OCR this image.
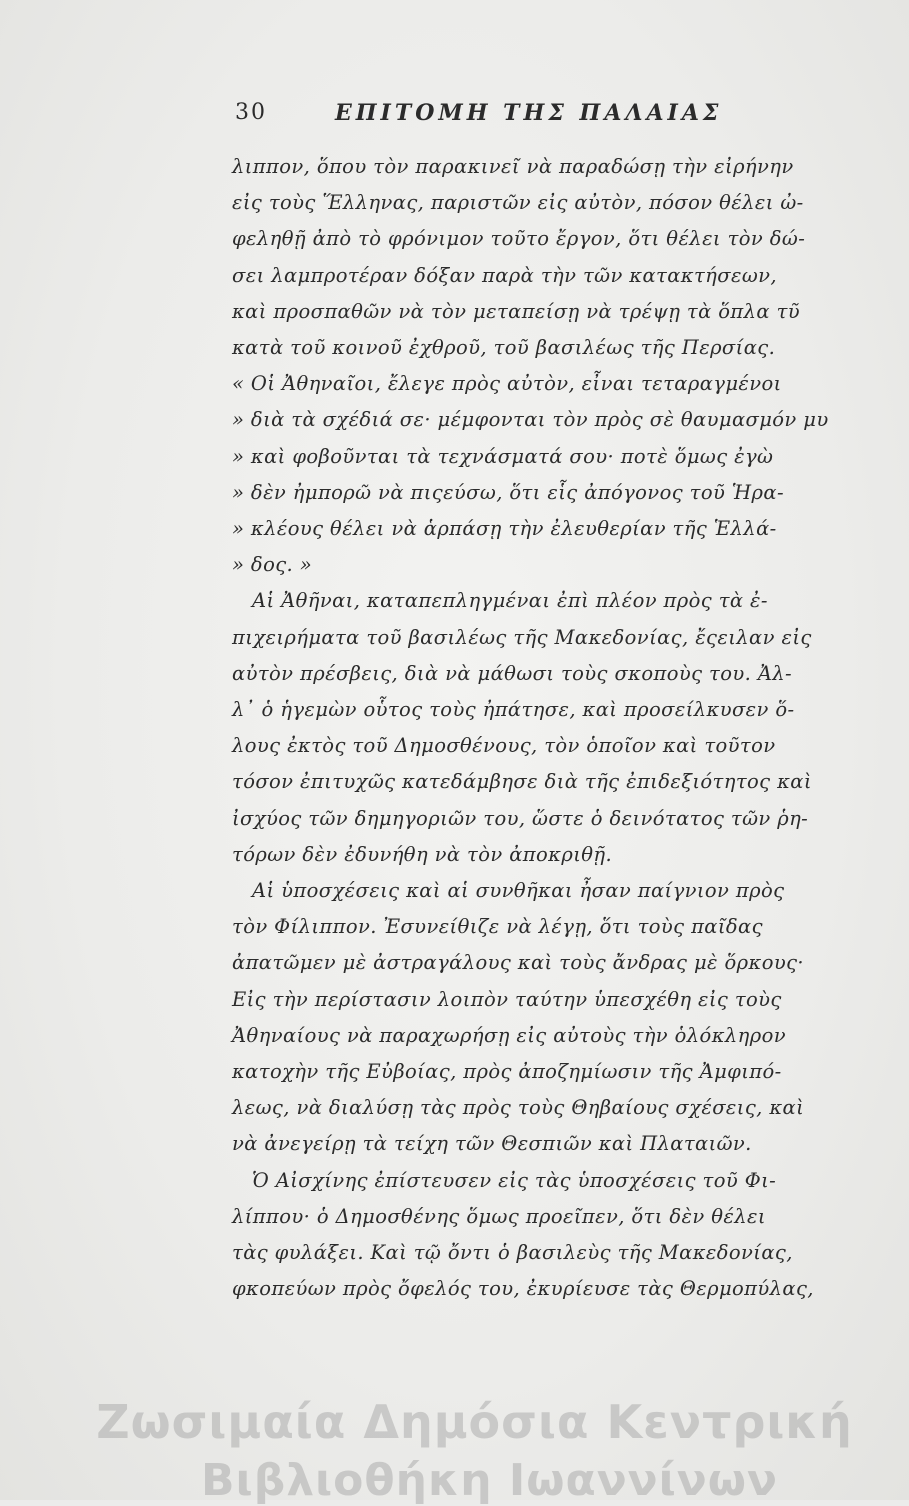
30	ΕΠΙΤΟΜΗ ΤΗΣ ΠΑΛΑΙΑΣ
λιππον, ὅπου τὸν παρακινεῖ νὰ παραδώσῃ τὴν εἰρήνην
εἰς τοὺς Ἕλληνας, παριστῶν εἰς αὐτὸν, πόσον θέλει ὠ-
φεληθῇ ἀπὸ τὸ φρόνιμον τοῦτο ἔργον, ὅτι θέλει τὸν δώ-
σει λαμπροτέραν δόξαν παρὰ τὴν τῶν κατακτήσεων,
καὶ προσπαθῶν νὰ τὸν μεταπείσῃ νὰ τρέψῃ τὰ ὅπλα τῦ
κατὰ τοῦ κοινοῦ ἐχθροῦ, τοῦ βασιλέως τῆς Περσίας.
« Οἱ Ἀθηναῖοι, ἔλεγε πρὸς αὐτὸν, εἶναι τεταραγμένοι
» διὰ τὰ σχέδιά σε· μέμφονται τὸν πρὸς σὲ θαυμασμόν μυ
» καὶ φοβοῦνται τὰ τεχνάσματά σου· ποτὲ ὅμως ἐγὼ
» δὲν ἠμπορῶ νὰ πιςεύσω, ὅτι εἷς ἀπόγονος τοῦ Ἡρα-
» κλέους θέλει νὰ ἁρπάσῃ τὴν ἐλευθερίαν τῆς Ἑλλά-
» δος. »
Αἱ Ἀθῆναι, καταπεπληγμέναι ἐπὶ πλέον πρὸς τὰ ἐ-
πιχειρήματα τοῦ βασιλέως τῆς Μακεδονίας, ἔςειλαν εἰς
αὐτὸν πρέσβεις, διὰ νὰ μάθωσι τοὺς σκοποὺς του. Ἀλ-
λ᾽ ὁ ἡγεμὼν οὗτος τοὺς ἠπάτησε, καὶ προσείλκυσεν ὅ-
λους ἐκτὸς τοῦ Δημοσθένους, τὸν ὁποῖον καὶ τοῦτον
τόσον ἐπιτυχῶς κατεδάμβησε διὰ τῆς ἐπιδεξιότητος καὶ
ἰσχύος τῶν δημηγοριῶν του, ὥστε ὁ δεινότατος τῶν ῥη-
τόρων δὲν ἐδυνήθη νὰ τὸν ἀποκριθῇ.
Αἱ ὑποσχέσεις καὶ αἱ συνθῆκαι ἦσαν παίγνιον πρὸς
τὸν Φίλιππον. Ἐσυνείθιζε νὰ λέγῃ, ὅτι τοὺς παῖδας
ἀπατῶμεν μὲ ἀστραγάλους καὶ τοὺς ἄνδρας μὲ ὅρκους·
Εἰς τὴν περίστασιν λοιπὸν ταύτην ὑπεσχέθη εἰς τοὺς
Ἀθηναίους νὰ παραχωρήσῃ εἰς αὐτοὺς τὴν ὁλόκληρον
κατοχὴν τῆς Εὐβοίας, πρὸς ἀποζημίωσιν τῆς Ἀμφιπό-
λεως, νὰ διαλύσῃ τὰς πρὸς τοὺς Θηβαίους σχέσεις, καὶ
νὰ ἀνεγείρῃ τὰ τείχη τῶν Θεσπιῶν καὶ Πλαταιῶν.
Ὁ Αἰσχίνης ἐπίστευσεν εἰς τὰς ὑποσχέσεις τοῦ Φι-
λίππου· ὁ Δημοσθένης ὅμως προεῖπεν, ὅτι δὲν θέλει
τὰς φυλάξει. Καὶ τῷ ὄντι ὁ βασιλεὺς τῆς Μακεδονίας,
φκοπεύων πρὸς ὄφελός του, ἐκυρίευσε τὰς Θερμοπύλας,
Ζωσιμαία Δημόσια Κεντρική
Βιβλιοθήκη Ιωαννίνων
